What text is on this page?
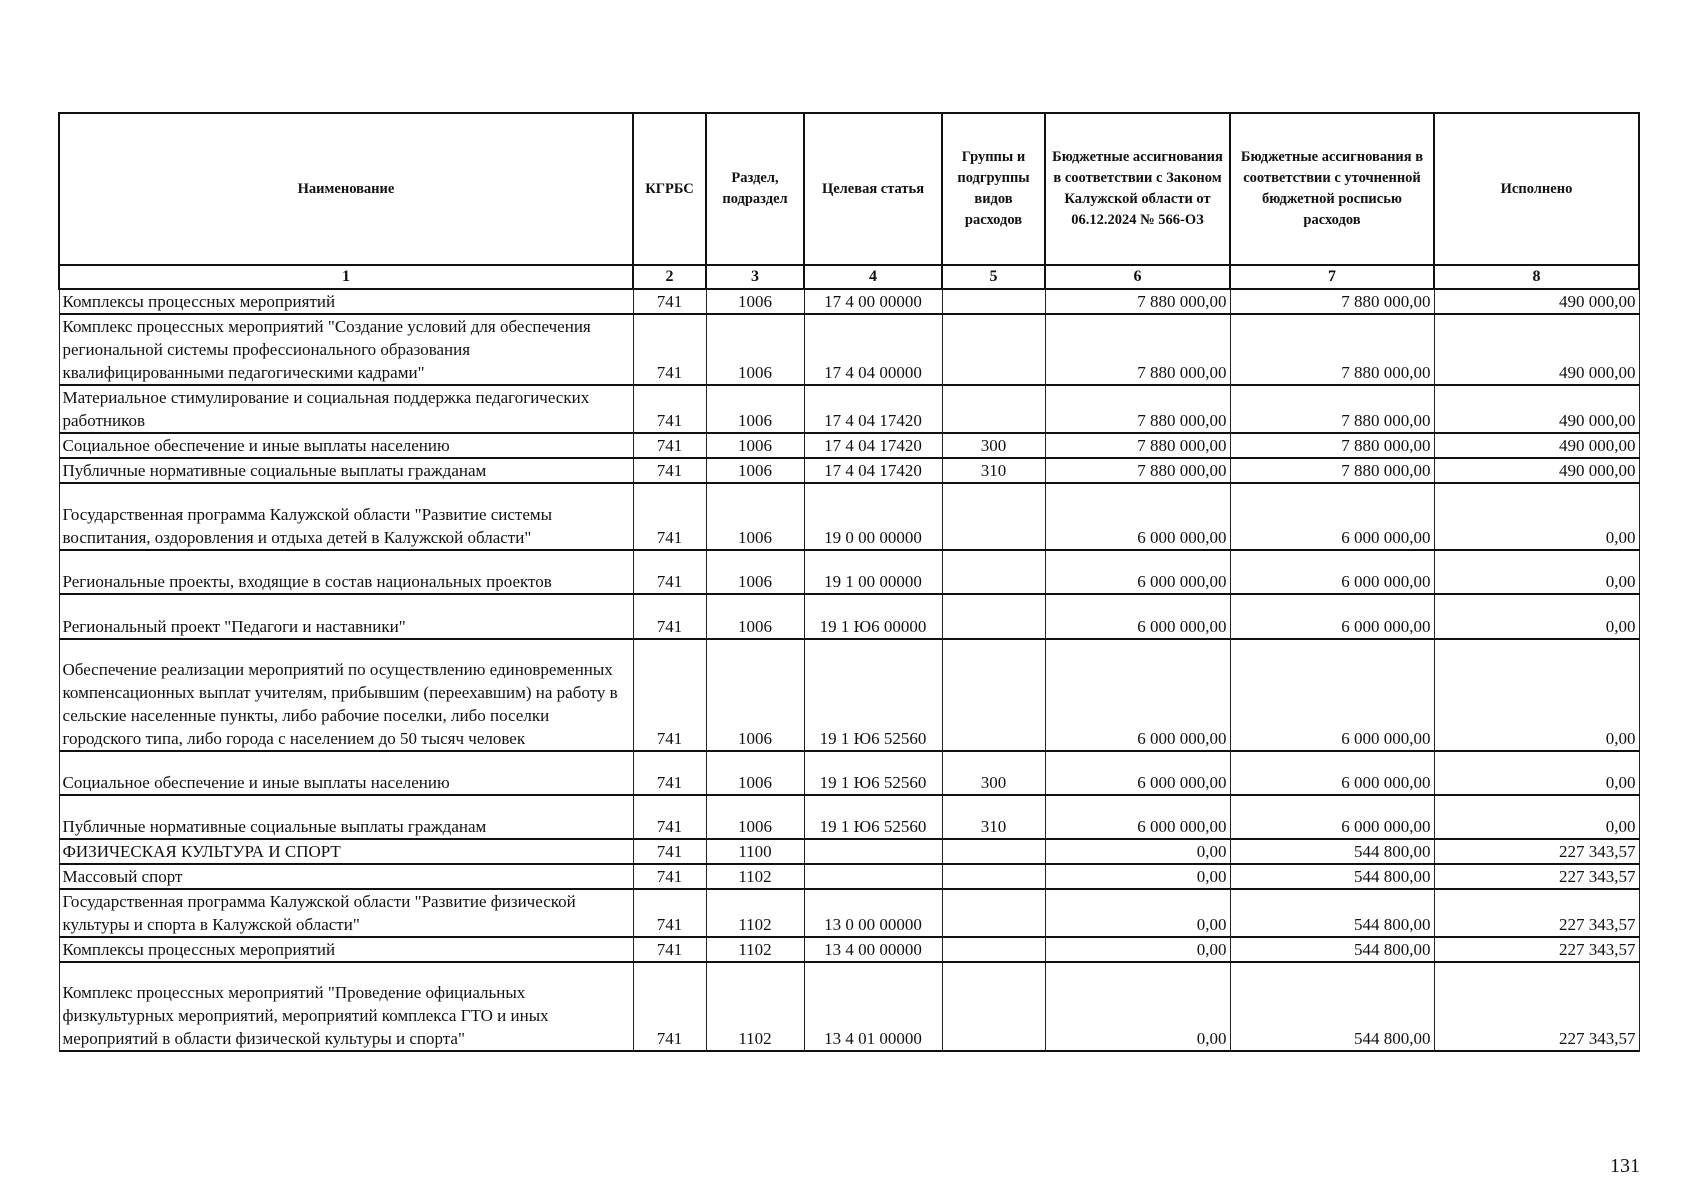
Наименование	КГРБС	Раздел, подраздел	Целевая статья	Группы и подгруппы видов расходов	Бюджетные ассигнования в соответствии с Законом Калужской области от 06.12.2024 № 566-ОЗ	Бюджетные ассигнования в соответствии с уточненной бюджетной росписью расходов	Исполнено
1	2	3	4	5	6	7	8
Комплексы процессных мероприятий	741	1006	17 4 00 00000		7 880 000,00	7 880 000,00	490 000,00
Комплекс процессных мероприятий "Создание условий для обеспечения региональной системы профессионального образования квалифицированными педагогическими кадрами"	741	1006	17 4 04 00000		7 880 000,00	7 880 000,00	490 000,00
Материальное стимулирование и социальная поддержка педагогических работников	741	1006	17 4 04 17420		7 880 000,00	7 880 000,00	490 000,00
Социальное обеспечение и иные выплаты населению	741	1006	17 4 04 17420	300	7 880 000,00	7 880 000,00	490 000,00
Публичные нормативные социальные выплаты гражданам	741	1006	17 4 04 17420	310	7 880 000,00	7 880 000,00	490 000,00
Государственная программа Калужской области "Развитие системы воспитания, оздоровления и отдыха детей в Калужской области"	741	1006	19 0 00 00000		6 000 000,00	6 000 000,00	0,00
Региональные проекты, входящие в состав национальных проектов	741	1006	19 1 00 00000		6 000 000,00	6 000 000,00	0,00
Региональный проект "Педагоги и наставники"	741	1006	19 1 Ю6 00000		6 000 000,00	6 000 000,00	0,00
Обеспечение реализации мероприятий по осуществлению единовременных компенсационных выплат учителям, прибывшим (переехавшим) на работу в сельские населенные пункты, либо рабочие поселки, либо поселки городского типа, либо города с населением до 50 тысяч человек	741	1006	19 1 Ю6 52560		6 000 000,00	6 000 000,00	0,00
Социальное обеспечение и иные выплаты населению	741	1006	19 1 Ю6 52560	300	6 000 000,00	6 000 000,00	0,00
Публичные нормативные социальные выплаты гражданам	741	1006	19 1 Ю6 52560	310	6 000 000,00	6 000 000,00	0,00
ФИЗИЧЕСКАЯ КУЛЬТУРА И СПОРТ	741	1100			0,00	544 800,00	227 343,57
Массовый спорт	741	1102			0,00	544 800,00	227 343,57
Государственная программа Калужской области "Развитие физической культуры и спорта в Калужской области"	741	1102	13 0 00 00000		0,00	544 800,00	227 343,57
Комплексы процессных мероприятий	741	1102	13 4 00 00000		0,00	544 800,00	227 343,57
Комплекс процессных мероприятий "Проведение официальных физкультурных мероприятий, мероприятий комплекса ГТО и иных мероприятий в области физической культуры и спорта"	741	1102	13 4 01 00000		0,00	544 800,00	227 343,57
131
